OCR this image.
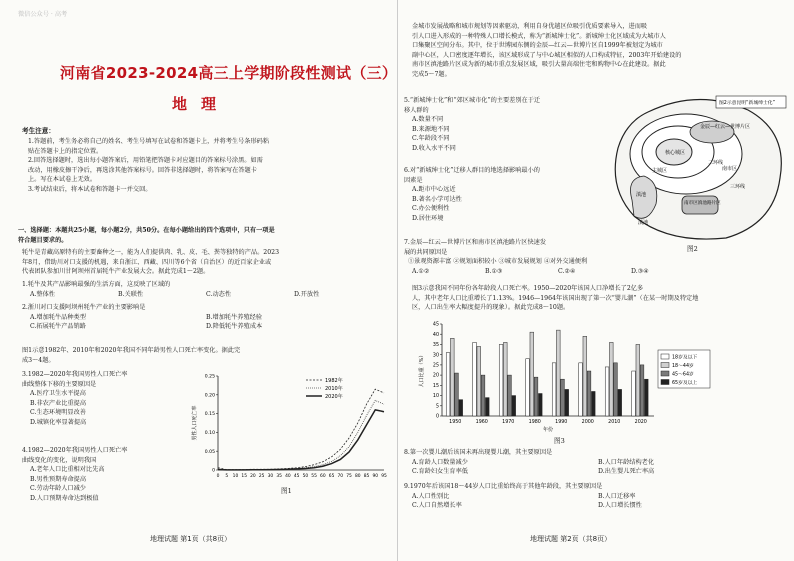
微信公众号 · 高考
河南省2023-2024高三上学期阶段性测试（三）
地理
考生注意：
1.答题前，考生务必将自己的姓名、考生号填写在试卷和答题卡上，并将考生号条形码粘
贴在答题卡上的指定位置。
2.回答选择题时，选出每小题答案后，用铅笔把答题卡对应题目的答案标号涂黑。如需
改动，用橡皮擦干净后，再选涂其他答案标号。回答非选择题时，将答案写在答题卡
上。写在本试卷上无效。
3.考试结束后，将本试卷和答题卡一并交回。
一、选择题：本题共25小题，每小题2分，共50分。在每小题给出的四个选项中，只有一项是
符合题目要求的。
牦牛是青藏高原特有的主要畜种之一，能为人们提供肉、乳、皮、毛、粪等独特的产品。2023
年8月，借助川对口支援的机遇，来自浙江、西藏、四川等6个省（自治区）的近百家企业或
代表团队参加川甘阿坝州首届牦牛产业发展大会。据此完成1～2题。
1.牦牛及其产品影响最强的生活方面，这反映了区域的
A.整体性	B.关联性	C.动态性	D.开放性
2.浙川对口支援阿坝州牦牛产业的主要影响是
A.增加牦牛品种类型	B.增加牦牛养殖经验
C.拓展牦牛产品销路	D.降低牦牛养殖成本
图1示意1982年、2010年和2020年我国不同年龄男性人口死亡率变化。据此完
成3～4题。
3.1982—2020年我国男性人口死亡率
曲线整体下移的主要原因是
A.医疗卫生水平提高
B.非农产业比重提高
C.生态环境明显改善
D.城镇化率显著提高
4.1982—2020年我国男性人口死亡率
曲线变化的变化，说明我国
A.老年人口比重相对比先高
B.男性预期寿命提高
C.劳动年龄人口减少
D.人口预期寿命达到极值
0
0.05
0.10
0.15
0.20
0.25
0 5 10 15 20 25 30 35 40 45 50 55 60 65 70 75 80 85 90 95
男性人口死亡率
1982年
2010年
2020年
图1
地理试题 第1页（共8页）
金城市发展战略和城市规划等因素驱动，利用自身优越区位吸引优质要素导入，进而吸
引人口进入形成的一种特殊人口增长模式，称为“新城绅士化”。新城绅士化区域成为大城市人
口集聚区空间分布。其中，位于世博园东侧的金辰—红云—世博片区自1999年被划定为城市
副中心区，人口密度逐年增长，该区域形成了与中心城区相似的人口构成特征，2003年开始建设的
南市区滇池路片区成为新的城市重点发展区域，吸引大量高端住宅和购物中心在此建设。据此
完成5～7题。
5.“新城绅士化”和“郊区城市化”的主要差别在于迁
移人群的
A.数量不同
B.来源地不同
C.年龄段不同
D.收入水平不同
6.对“新城绅士化”迁移人群目的地选择影响最小的
因素是
A.距市中心远近
B.著名小学可达性
C.办公便利性
D.居住环境
7.金辰—红云—世博片区和南市区滇池路片区快速发
展的共同原因是
①景观资源丰富 ②规划面积较小 ③城市发展规划 ④对外交通便利
A.①②	B.①③	C.②④	D.③④
金辰—红云—世博片区
核心城区
主城区	南市区
滇池
三环线
二环线
南市区滇池路片区
滇池
图2示意昆明“新城绅士化”
图2
图3示意我国不同年份各年龄段人口死亡率。1950—2020年该国人口净增长了2亿多
人，其中老年人口比重增长了1.13%。1946—1964年该国出现了第一次“婴儿潮”（在某一时期及特定地
区，人口出生率大幅度提升的现象）。据此完成8～10题。
0
5
10
15
20
25
30
35
40
45
人口比重（%）
1950	1960	1970	1980	1990	2000	2010	2020
年份
18岁及以下
18～44岁
45～64岁
65岁及以上
图3
8.第一次婴儿潮后该国未再出现婴儿潮，其主要原因是
A.育龄人口数量减少	B.人口年龄结构老化
C.育龄妇女生育率低	D.出生婴儿死亡率高
9.1970年后该国18～44岁人口比重始终高于其他年龄段，其主要原因是
A.人口性别比	B.人口迁移率
C.人口自然增长率	D.人口增长惯性
地理试题 第2页（共8页）
